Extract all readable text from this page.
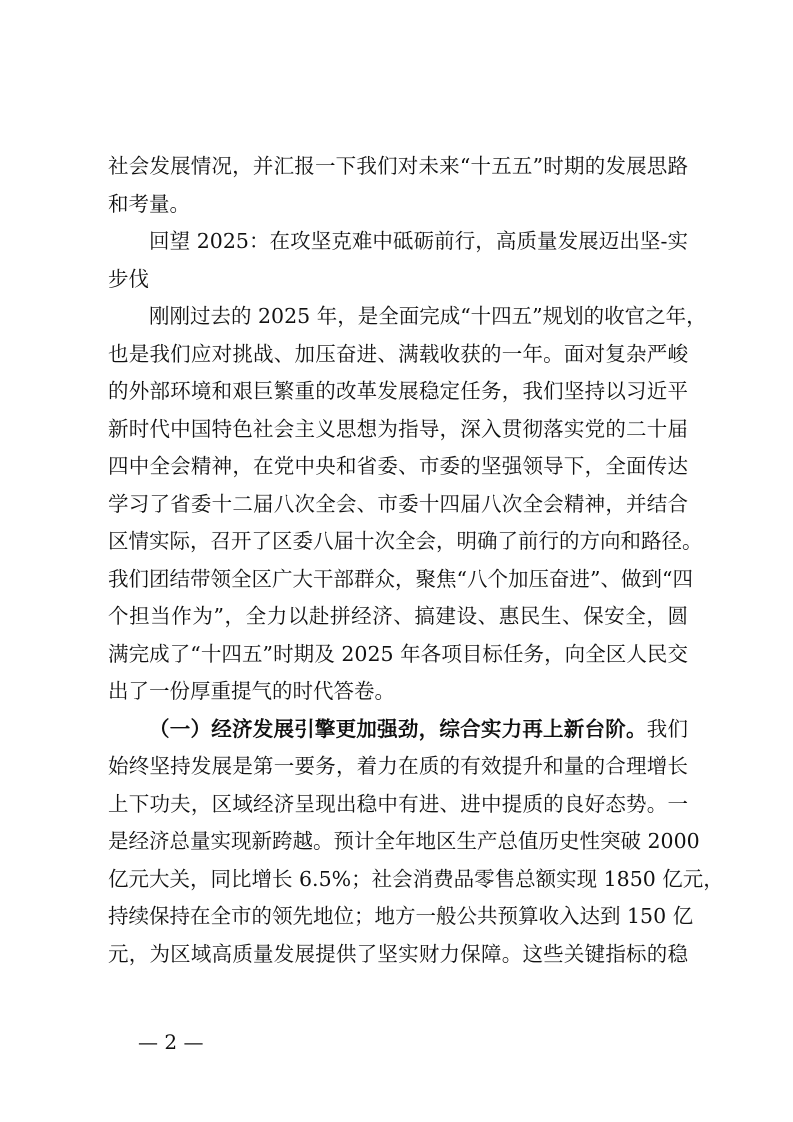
社会发展情况，并汇报一下我们对未来“十五五”时期的发展思路
和考量。
回望 2025：在攻坚克难中砥砺前行，高质量发展迈出坚-实
步伐
刚刚过去的 2025 年，是全面完成“十四五”规划的收官之年，
也是我们应对挑战、加压奋进、满载收获的一年。面对复杂严峻
的外部环境和艰巨繁重的改革发展稳定任务，我们坚持以习近平
新时代中国特色社会主义思想为指导，深入贯彻落实党的二十届
四中全会精神，在党中央和省委、市委的坚强领导下，全面传达
学习了省委十二届八次全会、市委十四届八次全会精神，并结合
区情实际，召开了区委八届十次全会，明确了前行的方向和路径。
我们团结带领全区广大干部群众，聚焦“八个加压奋进”、做到“四
个担当作为”，全力以赴拼经济、搞建设、惠民生、保安全，圆
满完成了“十四五”时期及 2025 年各项目标任务，向全区人民交
出了一份厚重提气的时代答卷。
（一）经济发展引擎更加强劲，综合实力再上新台阶。我们
始终坚持发展是第一要务，着力在质的有效提升和量的合理增长
上下功夫，区域经济呈现出稳中有进、进中提质的良好态势。一
是经济总量实现新跨越。预计全年地区生产总值历史性突破 2000
亿元大关，同比增长 6.5%；社会消费品零售总额实现 1850 亿元，
持续保持在全市的领先地位；地方一般公共预算收入达到 150 亿
元，为区域高质量发展提供了坚实财力保障。这些关键指标的稳
— 2 —
